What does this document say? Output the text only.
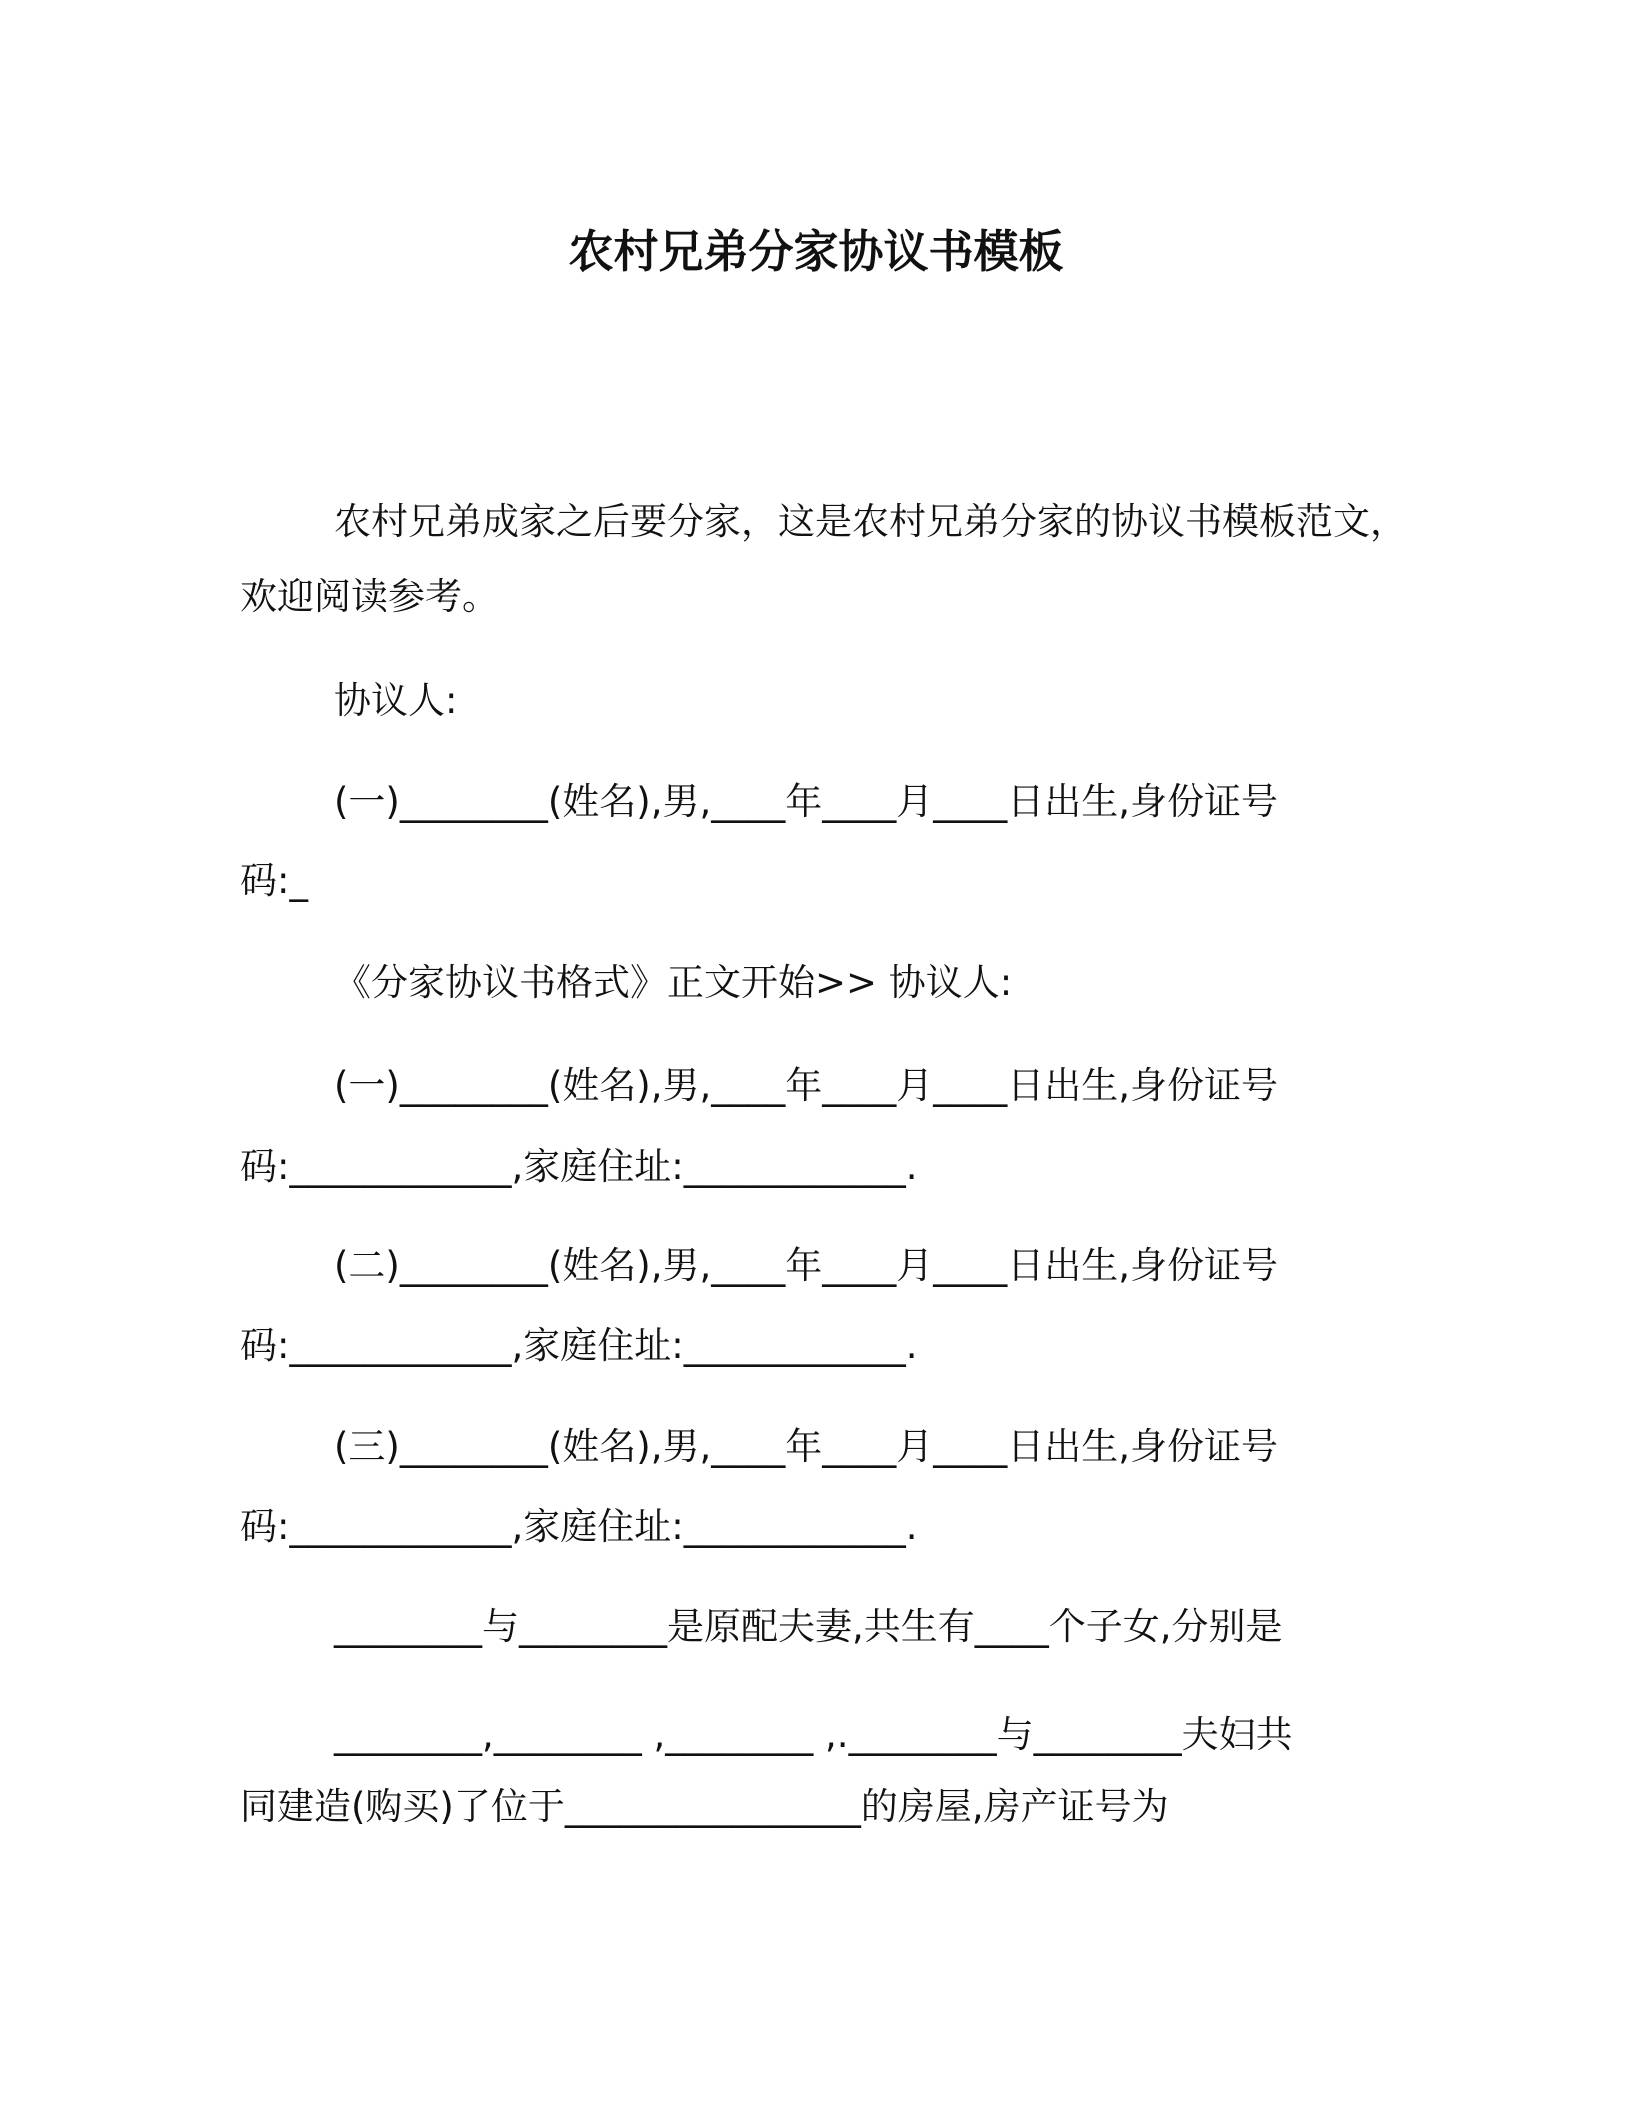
农村兄弟分家协议书模板
农村兄弟成家之后要分家，这是农村兄弟分家的协议书模板范文，
欢迎阅读参考。
协议人:
(一)________(姓名),男,____年____月____日出生,身份证号
码:_
《分家协议书格式》正文开始>> 协议人:
(一)________(姓名),男,____年____月____日出生,身份证号
码:____________,家庭住址:____________.
(二)________(姓名),男,____年____月____日出生,身份证号
码:____________,家庭住址:____________.
(三)________(姓名),男,____年____月____日出生,身份证号
码:____________,家庭住址:____________.
________与________是原配夫妻,共生有____个子女,分别是
________,________ ,________ ,.________与________夫妇共
同建造(购买)了位于________________的房屋,房产证号为
